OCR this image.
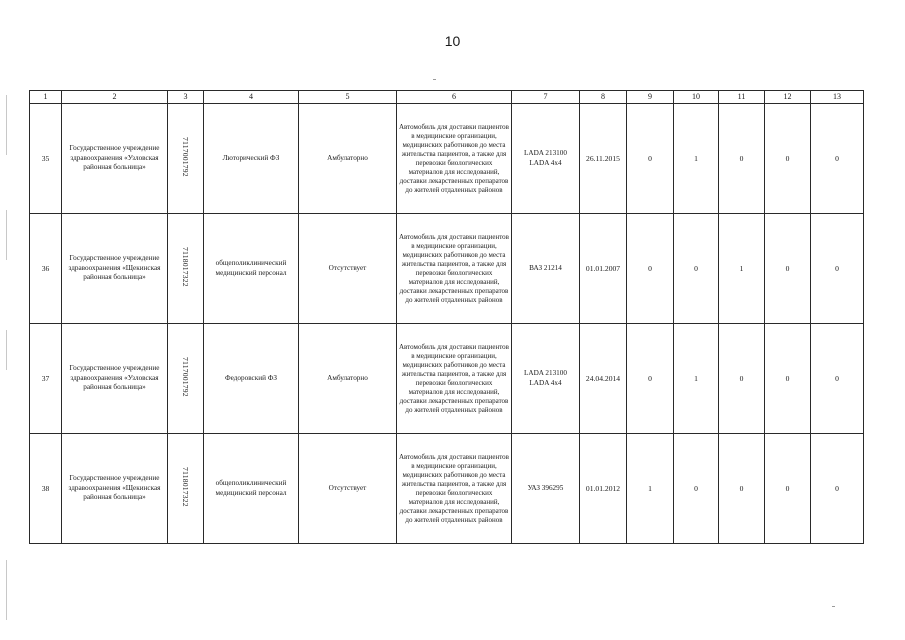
10
1	2	3	4	5	6	7	8	9	10	11	12	13
35	Государственное учреждение здравоохранения «Узловская районная больница»	7117001792	Люторический ФЗ	Амбулаторно	Автомобиль для доставки пациентов в медицинские организации, медицинских работников до места жительства пациентов, а также для перевозки биологических материалов для исследований, доставки лекарственных препаратов до жителей отдаленных районов	LADA 213100 LADA 4x4	26.11.2015	0	1	0	0	0
36	Государственное учреждение здравоохранения «Щекинская районная больница»	7118017322	общеполиклинический медицинский персонал	Отсутствует	Автомобиль для доставки пациентов в медицинские организации, медицинских работников до места жительства пациентов, а также для перевозки биологических материалов для исследований, доставки лекарственных препаратов до жителей отдаленных районов	ВАЗ 21214	01.01.2007	0	0	1	0	0
37	Государственное учреждение здравоохранения «Узловская районная больница»	7117001792	Федоровский ФЗ	Амбулаторно	Автомобиль для доставки пациентов в медицинские организации, медицинских работников до места жительства пациентов, а также для перевозки биологических материалов для исследований, доставки лекарственных препаратов до жителей отдаленных районов	LADA 213100 LADA 4x4	24.04.2014	0	1	0	0	0
38	Государственное учреждение здравоохранения «Щекинская районная больница»	7118017322	общеполиклинический медицинский персонал	Отсутствует	Автомобиль для доставки пациентов в медицинские организации, медицинских работников до места жительства пациентов, а также для перевозки биологических материалов для исследований, доставки лекарственных препаратов до жителей отдаленных районов	УАЗ 396295	01.01.2012	1	0	0	0	0
